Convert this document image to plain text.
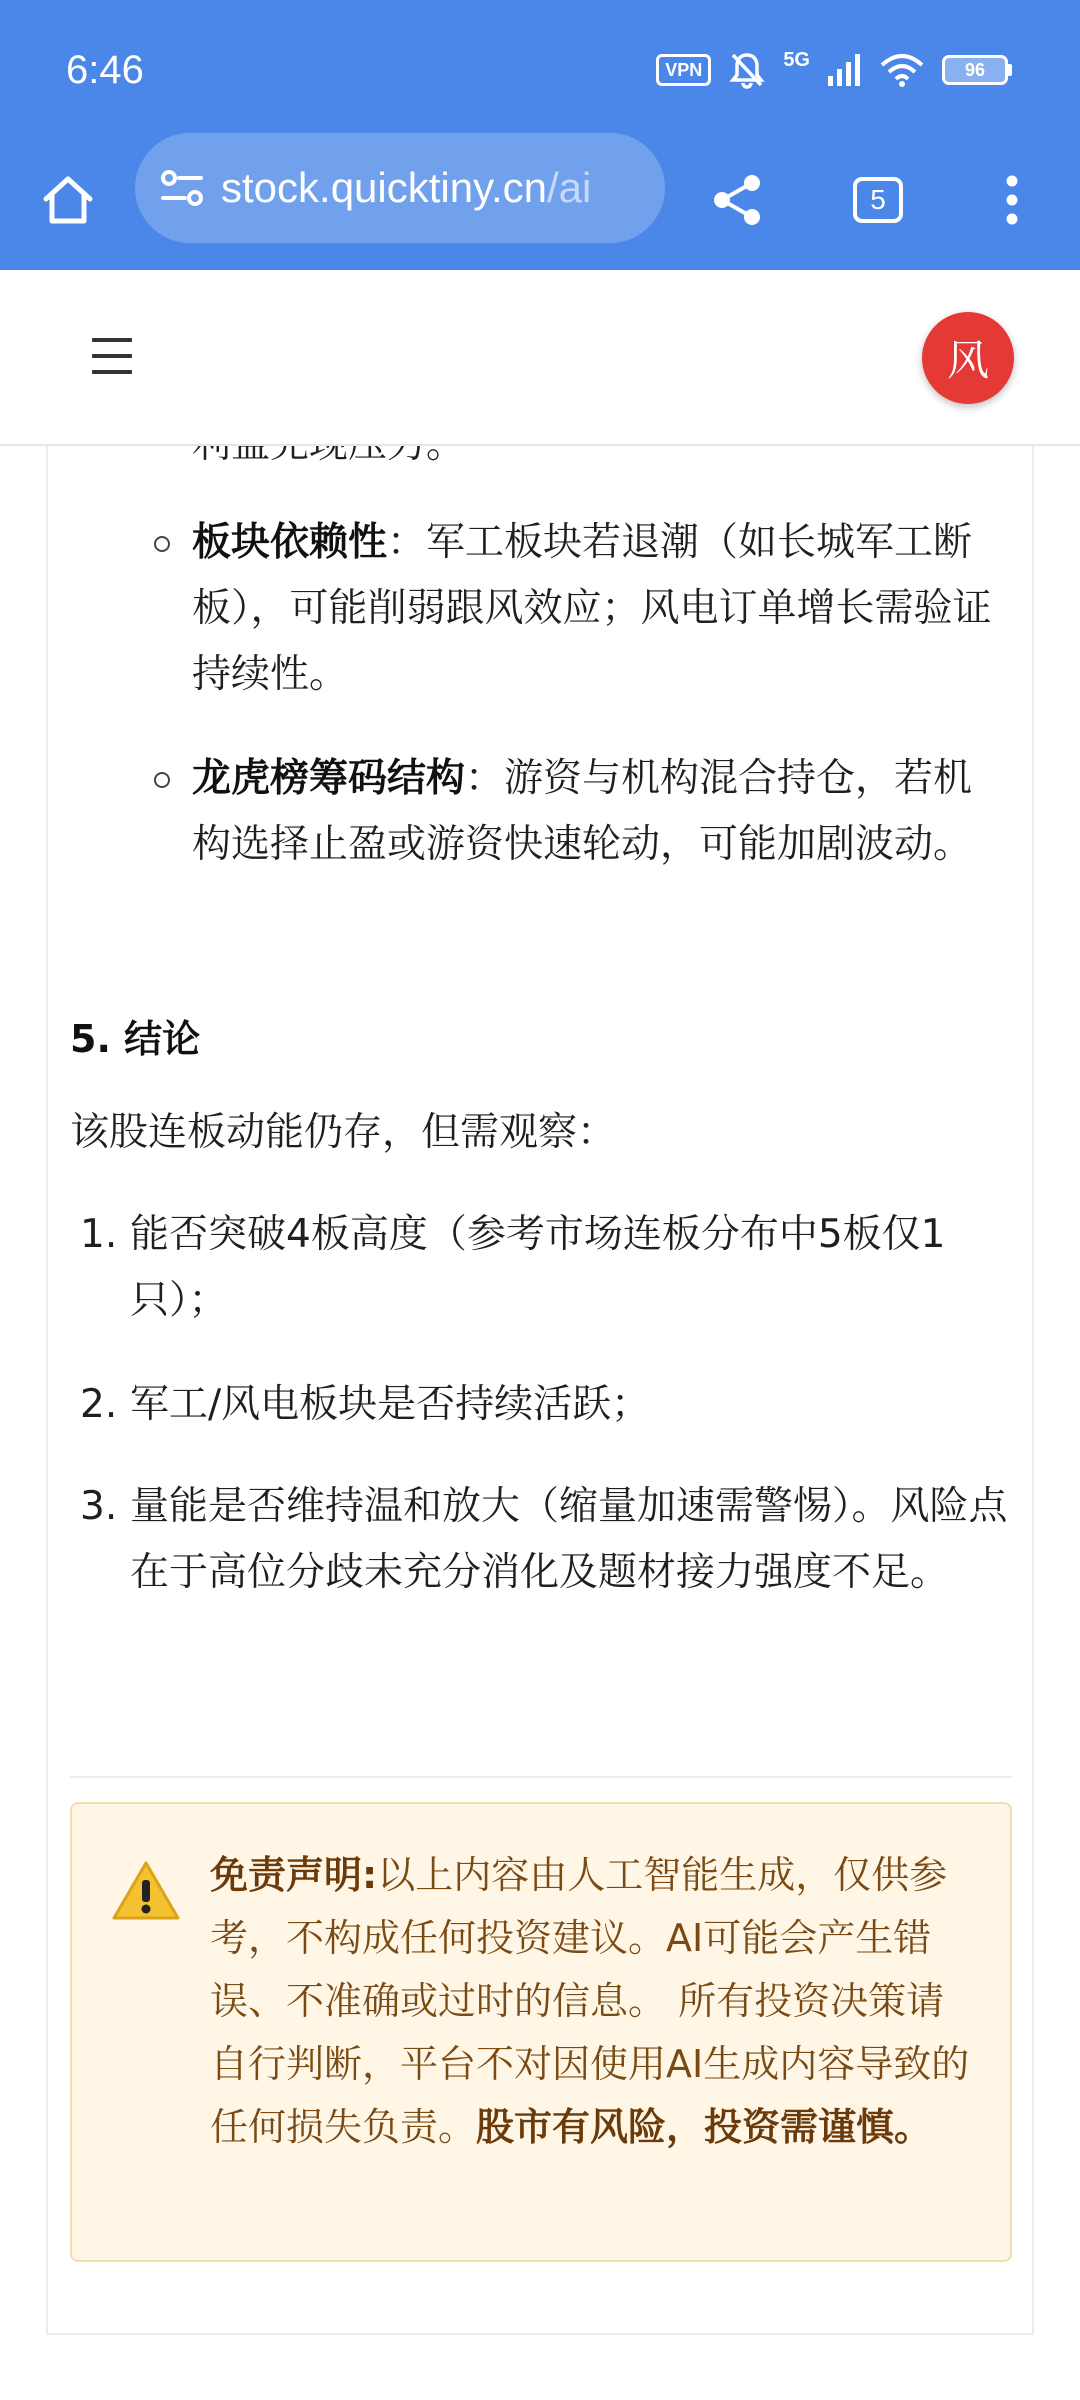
6:46	VPN	5G	96
stock.quicktiny.cn/ai	5
风
板块依赖性：军工板块若退潮（如长城军工断板），可能削弱跟风效应；风电订单增长需验证持续性。
龙虎榜筹码结构：游资与机构混合持仓，若机构选择止盈或游资快速轮动，可能加剧波动。
5. 结论
该股连板动能仍存，但需观察：
1. 能否突破4板高度（参考市场连板分布中5板仅1只）；
2. 军工/风电板块是否持续活跃；
3. 量能是否维持温和放大（缩量加速需警惕）。风险点在于高位分歧未充分消化及题材接力强度不足。
免责声明:以上内容由人工智能生成，仅供参考，不构成任何投资建议。AI可能会产生错误、不准确或过时的信息。 所有投资决策请自行判断，平台不对因使用AI生成内容导致的任何损失负责。股市有风险，投资需谨慎。
